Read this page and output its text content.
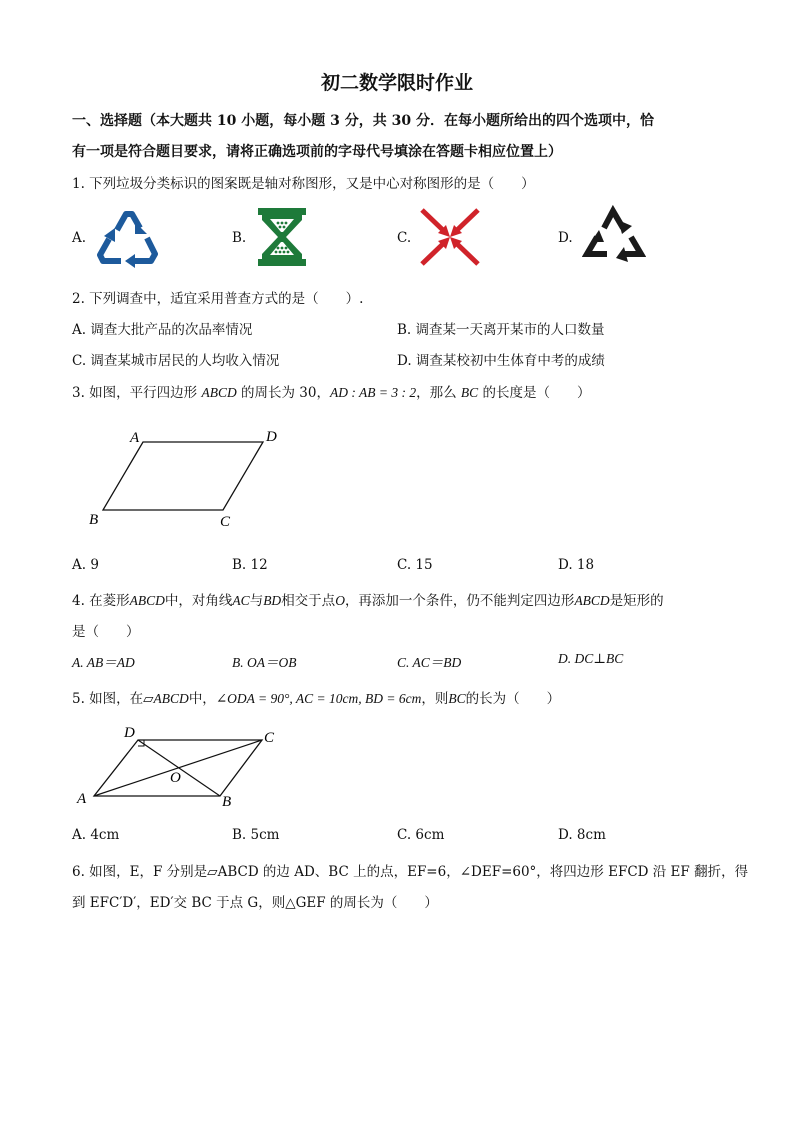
初二数学限时作业
一、选择题（本大题共 10 小题，每小题 3 分，共 30 分．在每小题所给出的四个选项中，恰
有一项是符合题目要求，请将正确选项前的字母代号填涂在答题卡相应位置上）
1. 下列垃圾分类标识的图案既是轴对称图形，又是中心对称图形的是（　　）
A.	B.	C.	D.
2. 下列调查中，适宜采用普查方式的是（　　）.
A. 调查大批产品的次品率情况	B. 调查某一天离开某市的人口数量
C. 调查某城市居民的人均收入情况	D. 调查某校初中生体育中考的成绩
3. 如图，平行四边形 ABCD 的周长为 30，AD : AB = 3 : 2，那么 BC 的长度是（　　）
A	D
B	C
A. 9	B. 12	C. 15	D. 18
4. 在菱形ABCD中，对角线AC与BD相交于点O，再添加一个条件，仍不能判定四边形ABCD是矩形的
是（　　）
A. AB＝AD	B. OA＝OB	C. AC＝BD	D. DC⊥BC
5. 如图，在▱ABCD中，∠ODA = 90°, AC = 10cm, BD = 6cm，则BC的长为（　　）
D	C
O
A	B
A. 4cm	B. 5cm	C. 6cm	D. 8cm
6. 如图，E，F 分别是▱ABCD 的边 AD、BC 上的点，EF=6，∠DEF=60°，将四边形 EFCD 沿 EF 翻折，得
到 EFC′D′，ED′交 BC 于点 G，则△GEF 的周长为（　　）
